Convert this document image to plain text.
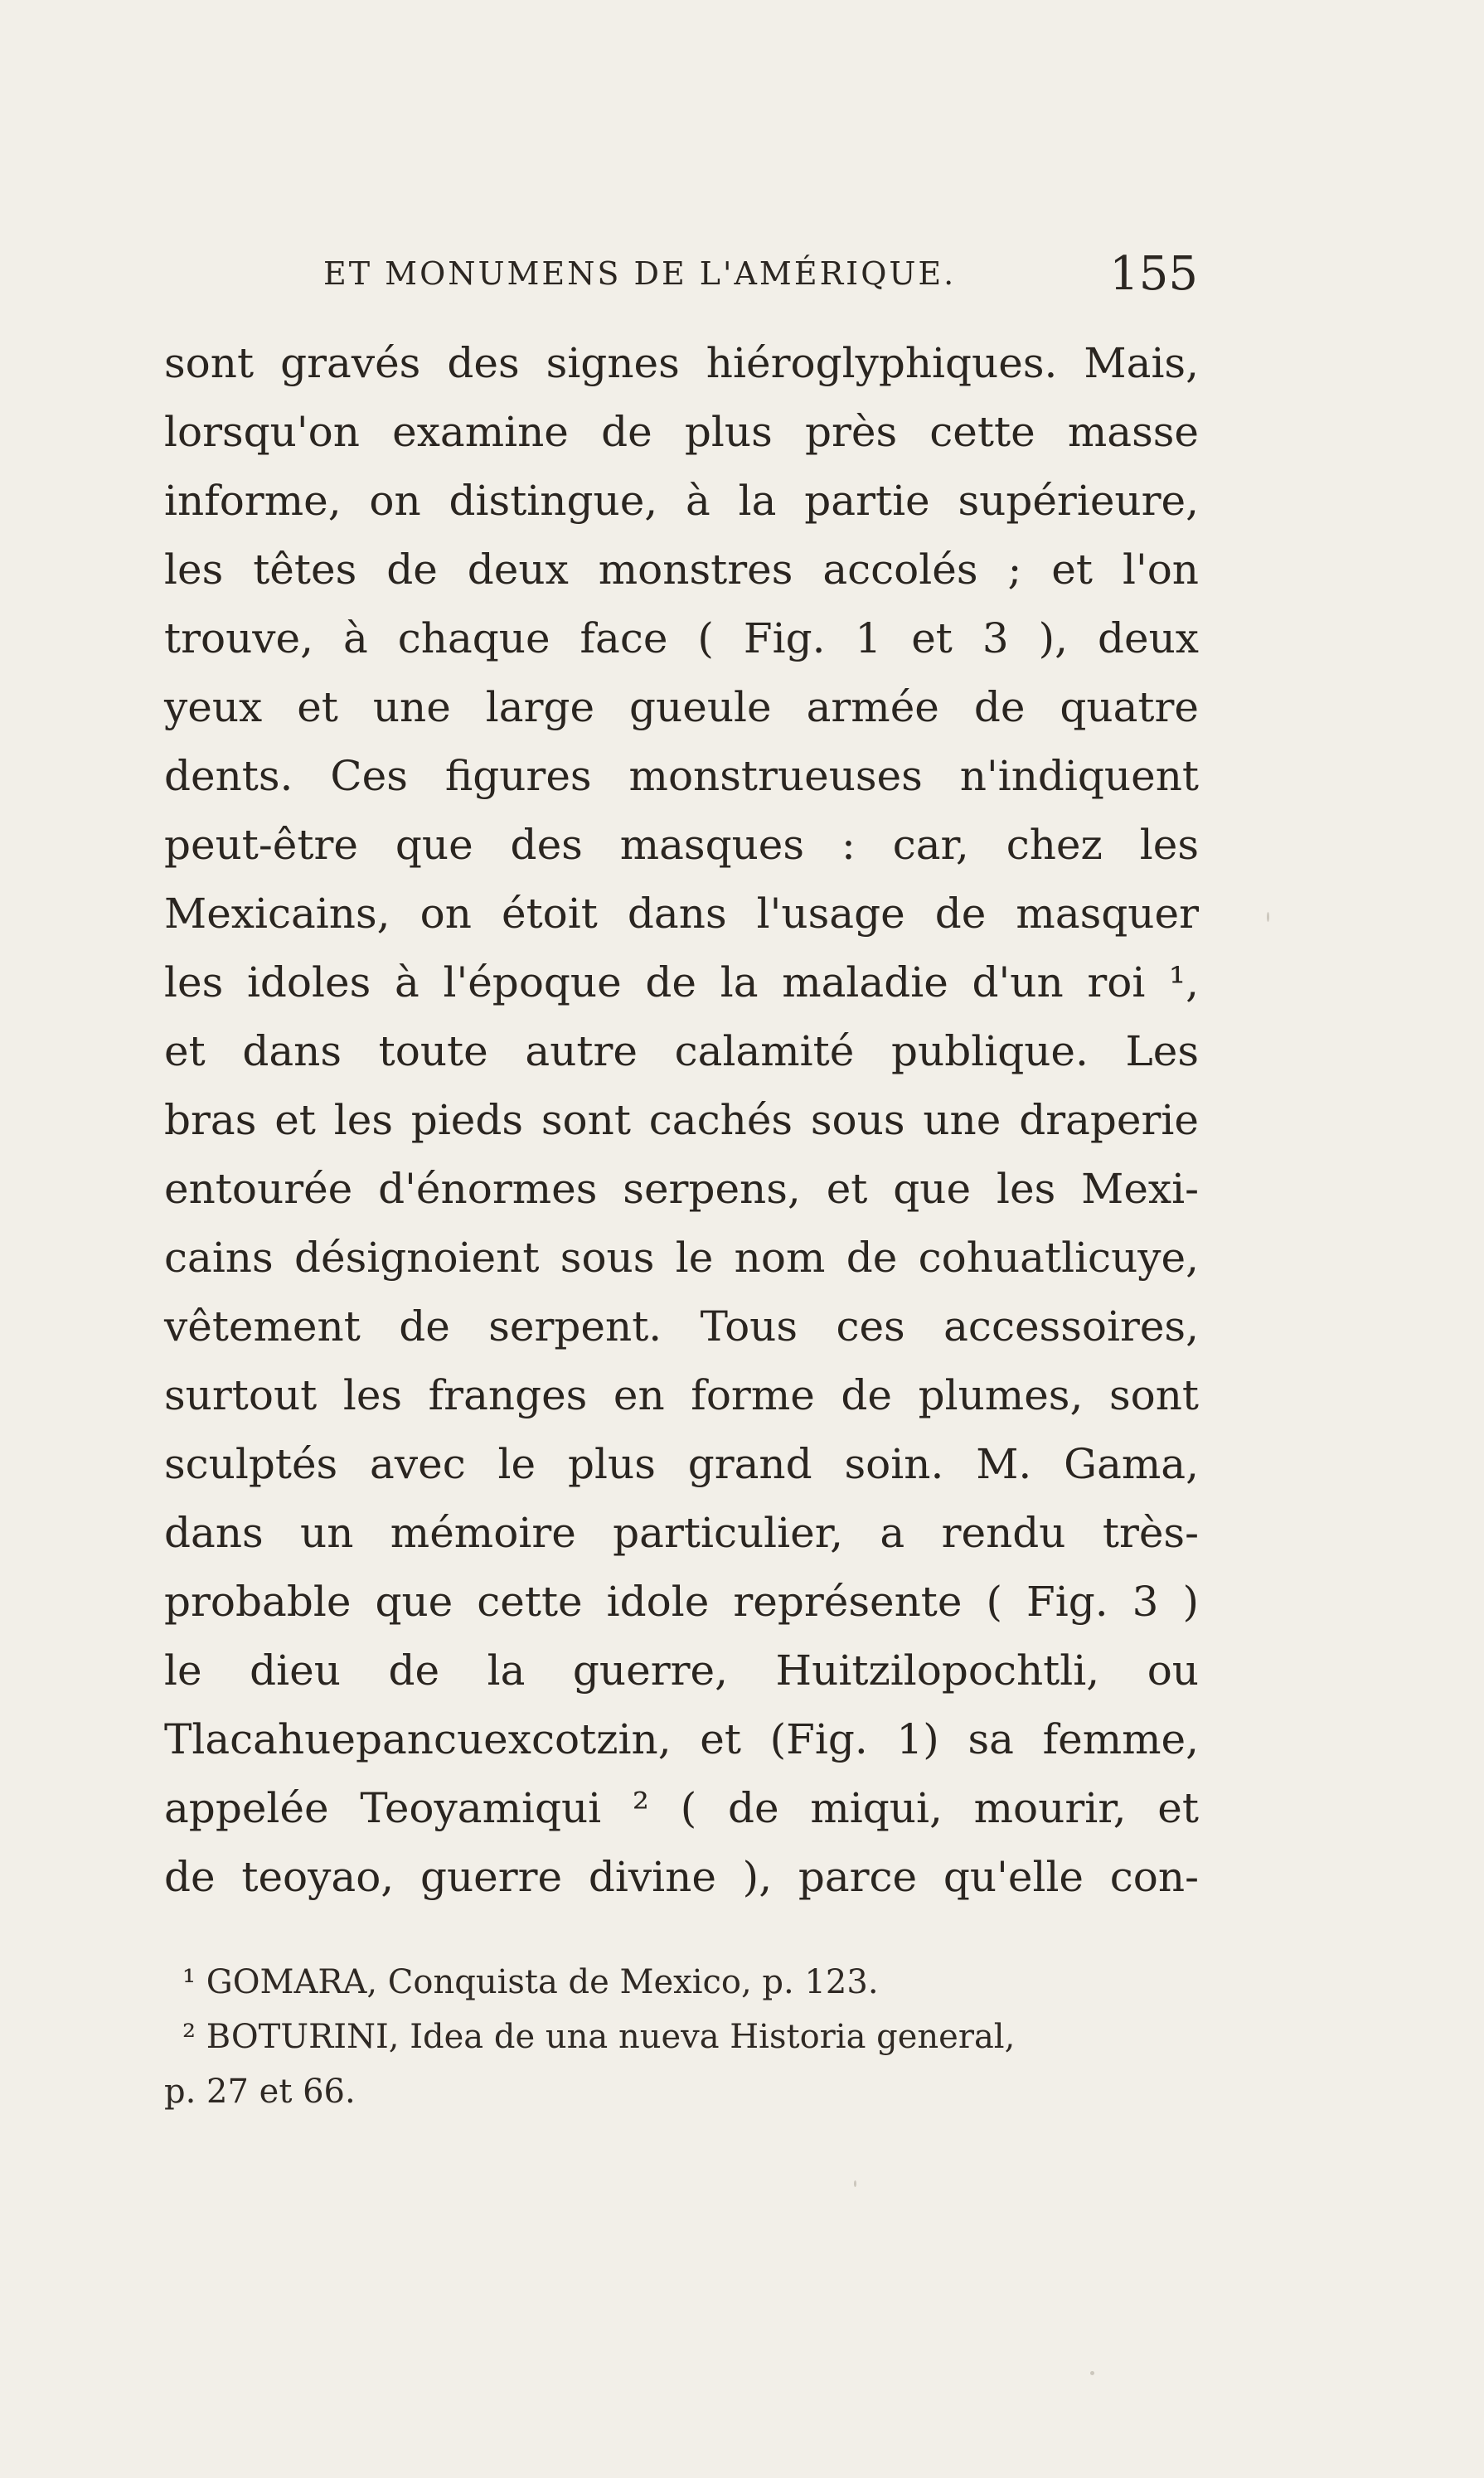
ET MONUMENS DE L'AMÉRIQUE.	155
sont gravés des signes hiéroglyphiques. Mais,
lorsqu'on examine de plus près cette masse
informe, on distingue, à la partie supérieure,
les têtes de deux monstres accolés ; et l'on
trouve, à chaque face ( Fig. 1 et 3 ), deux
yeux et une large gueule armée de quatre
dents. Ces figures monstrueuses n'indiquent
peut-être que des masques : car, chez les
Mexicains, on étoit dans l'usage de masquer
les idoles à l'époque de la maladie d'un roi ¹,
et dans toute autre calamité publique. Les
bras et les pieds sont cachés sous une draperie
entourée d'énormes serpens, et que les Mexi-
cains désignoient sous le nom de cohuatlicuye,
vêtement de serpent. Tous ces accessoires,
surtout les franges en forme de plumes, sont
sculptés avec le plus grand soin. M. Gama,
dans un mémoire particulier, a rendu très-
probable que cette idole représente ( Fig. 3 )
le dieu de la guerre, Huitzilopochtli, ou
Tlacahuepancuexcotzin, et (Fig. 1) sa femme,
appelée Teoyamiqui ² ( de miqui, mourir, et
de teoyao, guerre divine ), parce qu'elle con-
¹ GOMARA, Conquista de Mexico, p. 123.
² BOTURINI, Idea de una nueva Historia general,
p. 27 et 66.
